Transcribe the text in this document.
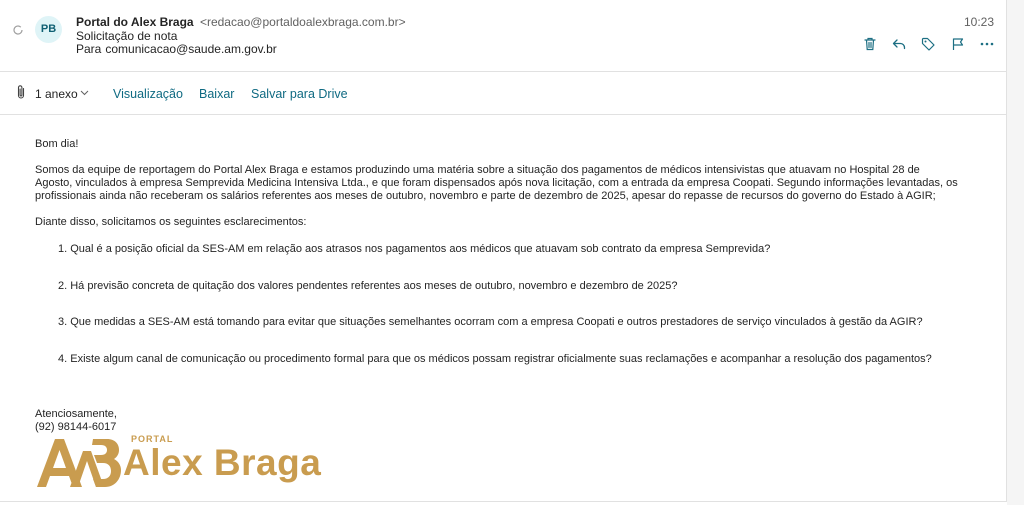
PB	Portal do Alex Braga <redacao@portaldoalexbraga.com.br>
Solicitação de nota
Para comunicacao@saude.am.gov.br
10:23
1 anexo	Visualização Baixar Salvar para Drive

Bom dia!

Somos da equipe de reportagem do Portal Alex Braga e estamos produzindo uma matéria sobre a situação dos pagamentos de médicos intensivistas que atuavam no Hospital 28 de

Agosto, vinculados à empresa Semprevida Medicina Intensiva Ltda., e que foram dispensados após nova licitação, com a entrada da empresa Coopati. Segundo informações levantadas, os

profissionais ainda não receberam os salários referentes aos meses de outubro, novembro e parte de dezembro de 2025, apesar do repasse de recursos do governo do Estado à AGIR;

Diante disso, solicitamos os seguintes esclarecimentos:

1. Qual é a posição oficial da SES-AM em relação aos atrasos nos pagamentos aos médicos que atuavam sob contrato da empresa Semprevida?
2. Há previsão concreta de quitação dos valores pendentes referentes aos meses de outubro, novembro e dezembro de 2025?
3. Que medidas a SES-AM está tomando para evitar que situações semelhantes ocorram com a empresa Coopati e outros prestadores de serviço vinculados à gestão da AGIR?
4. Existe algum canal de comunicação ou procedimento formal para que os médicos possam registrar oficialmente suas reclamações e acompanhar a resolução dos pagamentos?
Atenciosamente,
(92) 98144-6017
PORTAL
Alex Braga
